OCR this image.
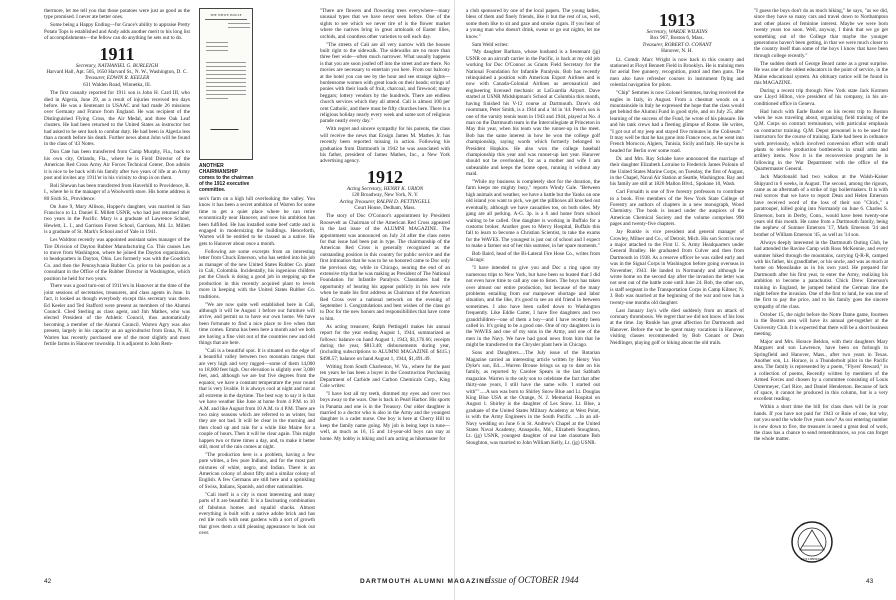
thermore, let me tell you that those potatoes were just as good as the type promised. I never ate better ones.

Some being a Happy Ending—for Grace's ability to appraise Pretty Potato Tops is established and Andy adds another merit to his long list of accomplishments—the fellow can do anything he sets out to do.

1911
Secretary, NATHANIEL G. BURLEIGH
Harvard Hall, Apt. 505, 1650 Harvard St., N. W., Washington, D. C.
Treasurer, EDWIN R. KEELER
631 Walden Road, Winnetka, Ill.

The first casualty reported for 1911 son is John H. Card III, who died in Algeria, June 29, as a result of injuries received ten days before. He was a lieutenant in USAAC and had made 26 missions over Germany and France from England. He was recipient of the Distinguished Flying Cross, the Air Medal, and three Oak Leaf clusters. He had been returned to the United States as instructor but had asked to be sent back to combat duty. He had been in Algeria less than a month before his death. Further news about John will be found in the class of '43 Notes.

Don Cate has been transferred from Camp Murphy, Fla., back to his own city, Orlando, Fla., where he is Field Director of the American Red Cross Army Air Forces Technical Center. Don admits it is nice to be back with his family after two years of life at an Army post and invites any 1911'er in his vicinity to drop in on them.

Boli Shewan has been transferred from Haverhill to Providence, R. I., where he is the manager of a Woolworth store. His home address is 80 Sixth St., Providence.

On June 9, Mary Allison, Hopper's daughter, was married in San Francisco to Lt. Daniel E. Millett USNR, who had just returned after two years in the Pacific. Mary is a graduate of Lawrence School, Hewlett, L. I., and Garrison Forest School, Garrison, Md. Lt. Millett is a graduate of St. Mark's School and of Yale in 1941.

Les Waldron recently was appointed assistant sales manager of the Tire Division of Dayton Rubber Manufacturing Co. This causes Les to move from Washington, where he joined the Dayton organization, to headquarters in Dayton, Ohio. Les formerly was with the Goodrich Co. and then the Pennsylvania Rubber Co. prior to his position as a consultant in the Office of the Rubber Director in Washington, which position he held for two years.

There was a good turn-out of 1911'ers in Hanover at the time of the joint sessions of secretaries, treasurers, and class agents in June. In fact, it looked as though everybody except this secretary was there. Ed Keeler and Ted Stafford were present as members of the Alumni Council. Ched Sterling as class agent, and Jim Mathes, who was elected President of the Athletic Council, thus automatically becoming a member of the Alumni Council. Warren Agry was also present, largely in his capacity as an agriculturist from Enna, N. H. Warren has recently purchased one of the most slightly and most fertile farms in Hanover township. It is adjacent to John Rem-

THE WHITE HOUSE
ANOTHER CHAIRMANSHIP comes to the chairman of the 1912 executive committee.

sen's farm on a high hill overlooking the valley. You know it has been a secret ambition of Warren for some time to get a quiet place where he can retire economically near Hanover, and now his ambition has been fulfilled. He has installed some beef cattle and is engaged in modernizing the buildings. Henceforth, Warren will be entitled to be classed as a native. He gets to Hanover about once a month.

Following are some excerpts from an interesting letter from Chuck Emerson, who has settled into his job as manager of the new United States Rubber Co. plant in Cali, Colombia. Incidentally, his ingenious children put the Chuck is doing a good job in stepping up the production in this recently acquired plant to levels more in keeping with the United States Rubber Co. traditions.

"We are now quite well established here in Cali, although it will be August 1 before our furniture will arrive, and permit us to have our own home. We have been fortunate to find a nice place to live when that time comes. Emma has been here a month and we both are having a fine visit out of the countries new and old things that are here.

"Cali is a beautiful spot. It is situated on the edge of a beautiful valley between two mountain ranges that are very high and very rugged—some of them 14,000 to 18,000 feet high. Our elevation is slightly over 3,000 feet, and, although we are but five degrees from the equator, we have a constant temperature the year round that is very livable. It is always cool at night and not at all extreme in the daytime. The best way to say it is that we have weather like June at home from 4 P.M. to 10 A.M. and like August from 10 A.M. to 4 P.M. There are two rainy seasons which are referred to as winter, but they are not bad. It will be clear in the morning and then cloud up and rain for a while like Maine for a couple of hours. Then it will be clear again. This might happen two or three times a day, and, to make it better still, most of the rain comes at night.

"The production here is a problem, having a few pure whites, a few pure Indians, and for the most part mixtures of white, negro, and Indian. There is an American colony of about fifty and a similar colony of English. A few Germans are still here and a sprinkling of Swiss, Italians, Spanish, and other nationalities.

"Cali itself is a city is most interesting and many parts of it are beautiful. It is a fascinating combination of fabulous homes and squalid shacks. Almost everything is built with a native adobe brick and has red tile roofs with neat gardens with a sort of growth that gives them a still pleasing appearance to look out over.

"There are flowers and flowering trees everywhere—many unusual types that we have never seen before. One of the sights to see which we never tire of is the flower market where the natives bring in great armloads of Easter lilies, orchids, and countless other varieties to sell each day.

"The streets of Cali are all very narrow with the houses built right to the sidewalk. The sidewalks are no more than three feet wide—often much narrower. What usually happens is that you are soon jostled off into the street and are there. No movies are necessary to entertain you here. From our balcony at the hotel you can see by the hour and see strange sights—burdensome women with great loads on their heads; strings of ponies with their loads of fruit, charcoal, and firewood; many beggars; lottery vendors by the hundreds. There are endless church services which they all attend. Cali is almost 100 per cent Catholic, and there must be fifty churches here. There is a religious holiday nearly every week and some sort of religious parade nearly every day."

With regret and sincere sympathy for his parents, the class will receive the news that Ensign James M. Mathes Jr. has recently been reported missing in action. Following his graduation from Dartmouth in 1942 he was associated with his father, president of James Mathes, Inc., a New York advertising agency.

1912
Acting Secretary, HENRY K. URION
120 Broadway, New York, N. Y.
Acting Treasurer, RALPH D. PETTINGELL
Court House, Dedham, Mass.

The story of Doc O'Connor's appointment by President Roosevelt as Chairman of the American Red Cross appeared in the last issue of the ALUMNI MAGAZINE. The appointment was announced on July 24 after the class notes for that issue had been put in type. The chairmanship of the American Red Cross is generally recognized as the outstanding position in this country for public service and the first intimation that he was to be so honored came to Doc only the previous day, while in Chicago, nearing the end of an extensive trip that he was making as President of The National Foundation for Infantile Paralysis. Classmates had the opportunity of hearing his appear publicly in his new role when he made his first address as Chairman of the American Red Cross over a national network on the evening of September 1. Congratulations and best wishes of the class go to Doc for the new honors and responsibilities that have come to him.

As acting treasurer, Ralph Pettingell makes his annual report for the year ending August 1, 1944, summarized as follows: balance on hand August 1, 1943, $1,176.66; receipts during the year, $813.40; disbursements during year, (including subscriptions to ALUMNI MAGAZINE of $415.) $498.57; balance on hand August 1, 1944, $1,491.49.

Writing from South Charleston, W. Va., where for the past ten years he has been a buyer in the Construction Purchasing Department of Carbide and Carbon Chemicals Corp., King Cole writes:

"I have lost all my teeth, dimmed my eyes and over two boys away to the wars. One is back in Pearl Harbor. His sports in Panama and one is in the Treasury. Our older daughter is married to a doctor who is also in the Army and the youngest daughter is a cadet nurse. One boy is here at Cherry Hill to keep the family name going. My job is being kept in tune—well, as much as 16, 15 and 14-year-old boys can stay at home. My hobby is hiking and I am acting as hikemaster for

a club sponsored by one of the local papers. The young ladies, bless of them and finely friends, like it but the rest of us, well, some them like to sit and gaze and smoke cigars. If you hear of a young man who doesn't drink, swear or go out nights, let me know."

Sam Weld writes:

"My daughter Barbara, whose husband is a lieutenant (jg) USNR on an aircraft carrier in the Pacific, is back at my old job working for Doc O'Connor as Grants Field Secretary for the National Foundation for Infantile Paralysis. Bob has recently relinquished a position with American Export Airlines and is now with Canada-Colonial Airlines as aeronautical and engineering licensed mechanic at LaGuardia Airport. Dave started at USNR Midshipman's School at Columbia this month, having finished his V-12 course at Dartmouth. Dave's old roommate, Peter Smith, is a 1944 and a '44 in '44. Peter's son is one of the varsity tennis team in 1943 and 1944, played at No. 4 man on the Dartmouth team in the Intercollegiate at Princeton in May this year, when his team was the runner-up in the meet. Bob has the same interest in how he won the college golf championship, saying words which formerly belonged to President Hopkins. He also won the college baseball championship this year and was runner-up last year. Hanover should not be overlooked, for as a mother and wife I am unbearable and keeps the home open, running it without any maid.

"While my business is completely shot for the duration, the farm keeps me mighty busy," reports Windy Gale. "Between high animals and weather, we have a battle but the Yanks on one old island you want to pick, we get the pillboxes all knocked out eventually, although we have casualties too, on both sides. My gang are all perking. A-G. 3p. is a 6 and home from school waiting to be called. One daughter is working in Buffalo for a customs broker. Another goes to Mercy Hospital, Buffalo this fall to learn to become a Christian Scientist, to take the exams for the WAVES. The youngest is just out of school and I expect to make a farmer out of her this summer, in her spare moments."

Bob Baird, head of the Bi-Lateral Fire Hose Co., writes from Chicago:

"I have intended to give you and Doc a ring upon my numerous trips to New York, but have been so busted that I did not even have time to call any one to listen. The boys has taken over almost our entire production, but because of the many problems entailing from our manpower shortage and labor situation, and the like, it's good to see an old friend in between sometimes. I also have been called down to Washington frequently. Like Eddie Carter, I have five daughters and two grandchildren—one of them a boy—and I have recently been called in. It's going to be a good one. One of my daughters is in the WAVES and one of my sons in the Army, and one of the men in the Navy. We have had good news from him that he might be transferred to the Chrysler plant here in Chicago.

Sons and Daughters.....The July issue of the Rotarian Magazine carried an interesting article written by Henry Von Dyke's son, Ed.....Warren Brouse brings us up to date on his family, as reported by Carolee Spears in the last Sabbath magazine. Warren is the only son to celebrate the fact that after thirty-one years, I still have the same wife. I started out with"".....A son was born to Shirley Snow Blue and Lt. Douglas King Blue USA at the Orange, N. J. Memorial Hospital on August 1. Shirley is the daughter of Les Snow. Lt. Blue, a graduate of the United States Military Academy at West Point, is with the Army Engineers in the South Pacific. ....In an all-Navy wedding on June 6 in St. Andrew's Chapel at the United States Naval Academy, Annapolis, Md., Elizabeth Stoughton, Lt. (jg) USNR, youngest daughter of our late classmate Bob Stoughton, was married to John William Kelly, Lt. (jg) USNR.

1913
Secretary, WARDE WILKINS
Box 967, Boston 6, Mass.
Treasurer, ROBERT O. CONANT
Hanover, N. H.

Lt. Comdr. Marc Wright is now back in this country and stationed at Floyd Bennett Field in Brooklyn. He is training men for aerial free gunnery, recognition, pistol and then guns. The men also have refresher courses in instrument flying and celestial navigation for pilots.

"Chip" Semmes is now Colonel Semmes, having received the eagles in Italy, in August. From a chestnut woods on a mountainside in Italy he expressed the hope that the class would get behind the Alumni Fund in good style, and on July 25, after learning of the success of the Fund, he wrote of his pleasure. He and his tank crews had a fleeting glimpse of Rome. He writes, "I got out of my jeep and stayed five minutes in the Coliseum." It may well be that he has gone into France now, as he went into French Morocco, Algiers, Tunisia, Sicily and Italy. He says he is headed for Berlin over some road.

Dr. and Mrs. Ray Schabe have announced the marriage of their daughter Elizabeth Lorraine to Frederick James Polonin of the United States Marine Corps, on Tuesday, the first of August, in the Chapel, Naval Air Station at Seattle, Washington. Ray and his family are still at 1826 Mallon Blvd., Spokane 10, Wash.

Carl Forsaith is one of five forestry professors to contribute to a book. Five members of the New York State College of Forestry are authors of chapters in a new monograph, Wood Chemistry. The book is issued under the auspices of the American Chemical Society and the volume comprises 990 pages and twenty-five chapters.

Jay Runkle is vice president and general manager of Crowley, Milner and Co., of Detroit, Mich. His son Scott is now a major attached to the First U. S. Army Headquarters under General Bradley. He graduated from Culver and then from Dartmouth in 1938. As a reserve officer he was called early and was in the Signal Corps in Washington before going overseas in November, 1943. He landed in Normandy and although he wrote home on the second day after the invasion the letter was not sent out of the battle zone until June 24. Bob, the other son, is staff sergeant in the Transportation Corps in Camp Kilmer, N. J. Bob was married at the beginning of the war and now has a twenty-one months old daughter.

Last January Jay's wife died suddenly from an attack of coronary thrombosis. We regret that we did not know of his loss at the time. Jay Runkle has great affection for Dartmouth and Hanover. Before the war he spent many vacations in Hanover, visiting classes recommended by Bob Conant or Dean Neidlinger, playing golf or hiking about the old trails.

"I guess the boys don't do as much hiking," he says, "as we did, since they have so many cars and travel down to Northampton and other places of feminine interest. Maybe we were born twenty years too soon. Well, anyway, I think that we go get something out of the College that maybe the younger generations haven't been getting, in that we were much closer to the country itself than some of the boys I know that have been through college recently."

The sudden death of George Beard came as a great surprise. He was one of the oldest educators in the point of service, in the Maine educational system. An obituary notice will be found in this MAGAZINE.

During a recent trip through New York state Jack Kormen saw Lloyd Hilton, vice president of his company, in his air-conditioned office in Geneva.

Had lunch with Earle Barker on his recent trip to Boston when he was traveling about, organizing field training of the Q.M. Corps on contract termination, with particular emphasis on contractor training. Q.M. Depot personnel is to be used for instructors for the course of training. Earle had been in ordnance work previously, which involved conversion effort with small plants to relieve production bottlenecks in small arms and artillery items. Now it is the reconversion program he is following in the War Department with the office of the Quartermaster General.

Jack Macdonald had two walkss at the Walsh-Kaiser Shipyard in 6 weeks, in August. The second, among the rigours, came as an aftermath of a strike of rigs boilermakers. It is with real sorrow that we have to report Dean and Helen Emerson have received word of the loss of their son "Chick," a paratrooper, killed going into Normandy on June 6. Charles S. Emerson, born in Derby, Conn., would have been twenty-one years old this month. He came from a Dartmouth family, being the nephew of Sumner Emerson '17, Mark Emerson '24 and brother of William Emerson '45, as well as '14 son.

Always deeply interested in the Dartmouth Outing Club, he had attended the Ravine Camp with Ross McKennie, and every summer hiked through the mountains, carrying Q-R-R, camped with his father, his grandfather, or his uncle, and was as much at home on Moosilauke as in his own yard. He prepared for Dartmouth after his first year, to enter the Army, realizing his ambition to become a parachutist. Chick Drew Emerson's training in England, he jumped behind the German line the night before the invasion. One of the first to land, he was one of the first to pay the price, and to his family goes the sincere sympathy of the class.

October 15, the night before the Notre Dame game, fourteen in the Boston area will have its annual get-together at the University Club. It is expected that there will be a short business meeting.

Major and Mrs. Horace Beldon, with their daughters Mary Margaret and son Lawrence, have been on furlough in Springfield and Hanover, Mass., after two years in Texas. Another son, Lt. Horace, is a Thunderbolt pilot in the Pacific area. The family is represented by a poem, "Flyers' Reward," in a collection of poems, Recently written by members of the Armed Forces and chosen by a committee consisting of Louis Untermeyer, Carl Rice, and Daniel Henderson. Because of lack of space, it cannot be produced in this column, but is a very excellent reading.

Within a short time the bill for class dues will be in your hands. If you have not paid for 1943 or Rule of one, but why, not you send the whole five years now? As our entering number is now down to five, the treasurer is need a great deal of work, the class has a chance to send remembrances, so you can forget the whole matter.

LUX LIBERTAS
42	DARTMOUTH ALUMNI MAGAZINE
Issue of OCTOBER 1944	43
